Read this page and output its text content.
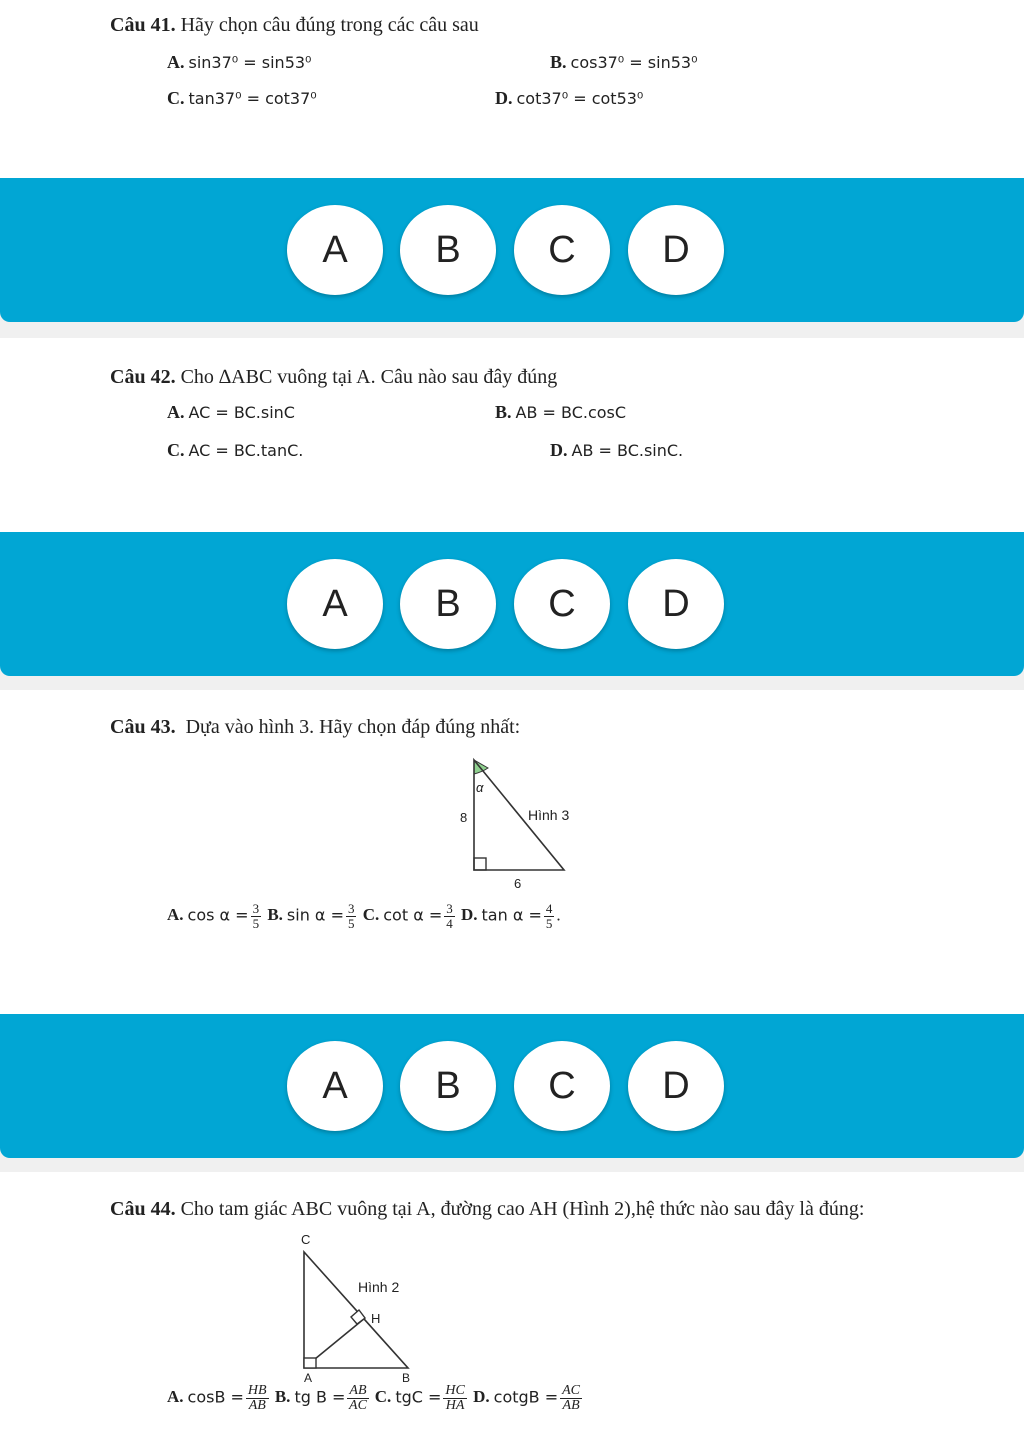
Câu 41. Hãy chọn câu đúng trong các câu sau
A. sin37⁰ = sin53⁰	B. cos37⁰ = sin53⁰
C. tan37⁰ = cot37⁰	D. cot37⁰ = cot53⁰
A	B	C	D
Câu 42. Cho ∆ABC vuông tại A. Câu nào sau đây đúng
A. AC = BC.sinC	B. AB = BC.cosC
C. AC = BC.tanC.	D. AB = BC.sinC.
A	B	C	D
Câu 43.  Dựa vào hình 3. Hãy chọn đáp đúng nhất:
α
8	Hình 3
6
A. $\cos \alpha = \frac{3}{5} B$. $\sin \alpha = \frac{3}{5} C$. $\cot \alpha = \frac{3}{4} D$. $\tan \alpha = \frac{4}{5}$ .
A	B	C	D
Câu 44. Cho tam giác ABC vuông tại A, đường cao AH (Hình 2),hệ thức nào sau đây là đúng:
C
Hình 2
H
A	B
A. $\cos B = \frac{HB}{AB} B$. tg $B = \frac{AB}{AC} C$. tgC = $\frac{HC}{HA} D$. cotgB = $\frac{AC}{AB}$
